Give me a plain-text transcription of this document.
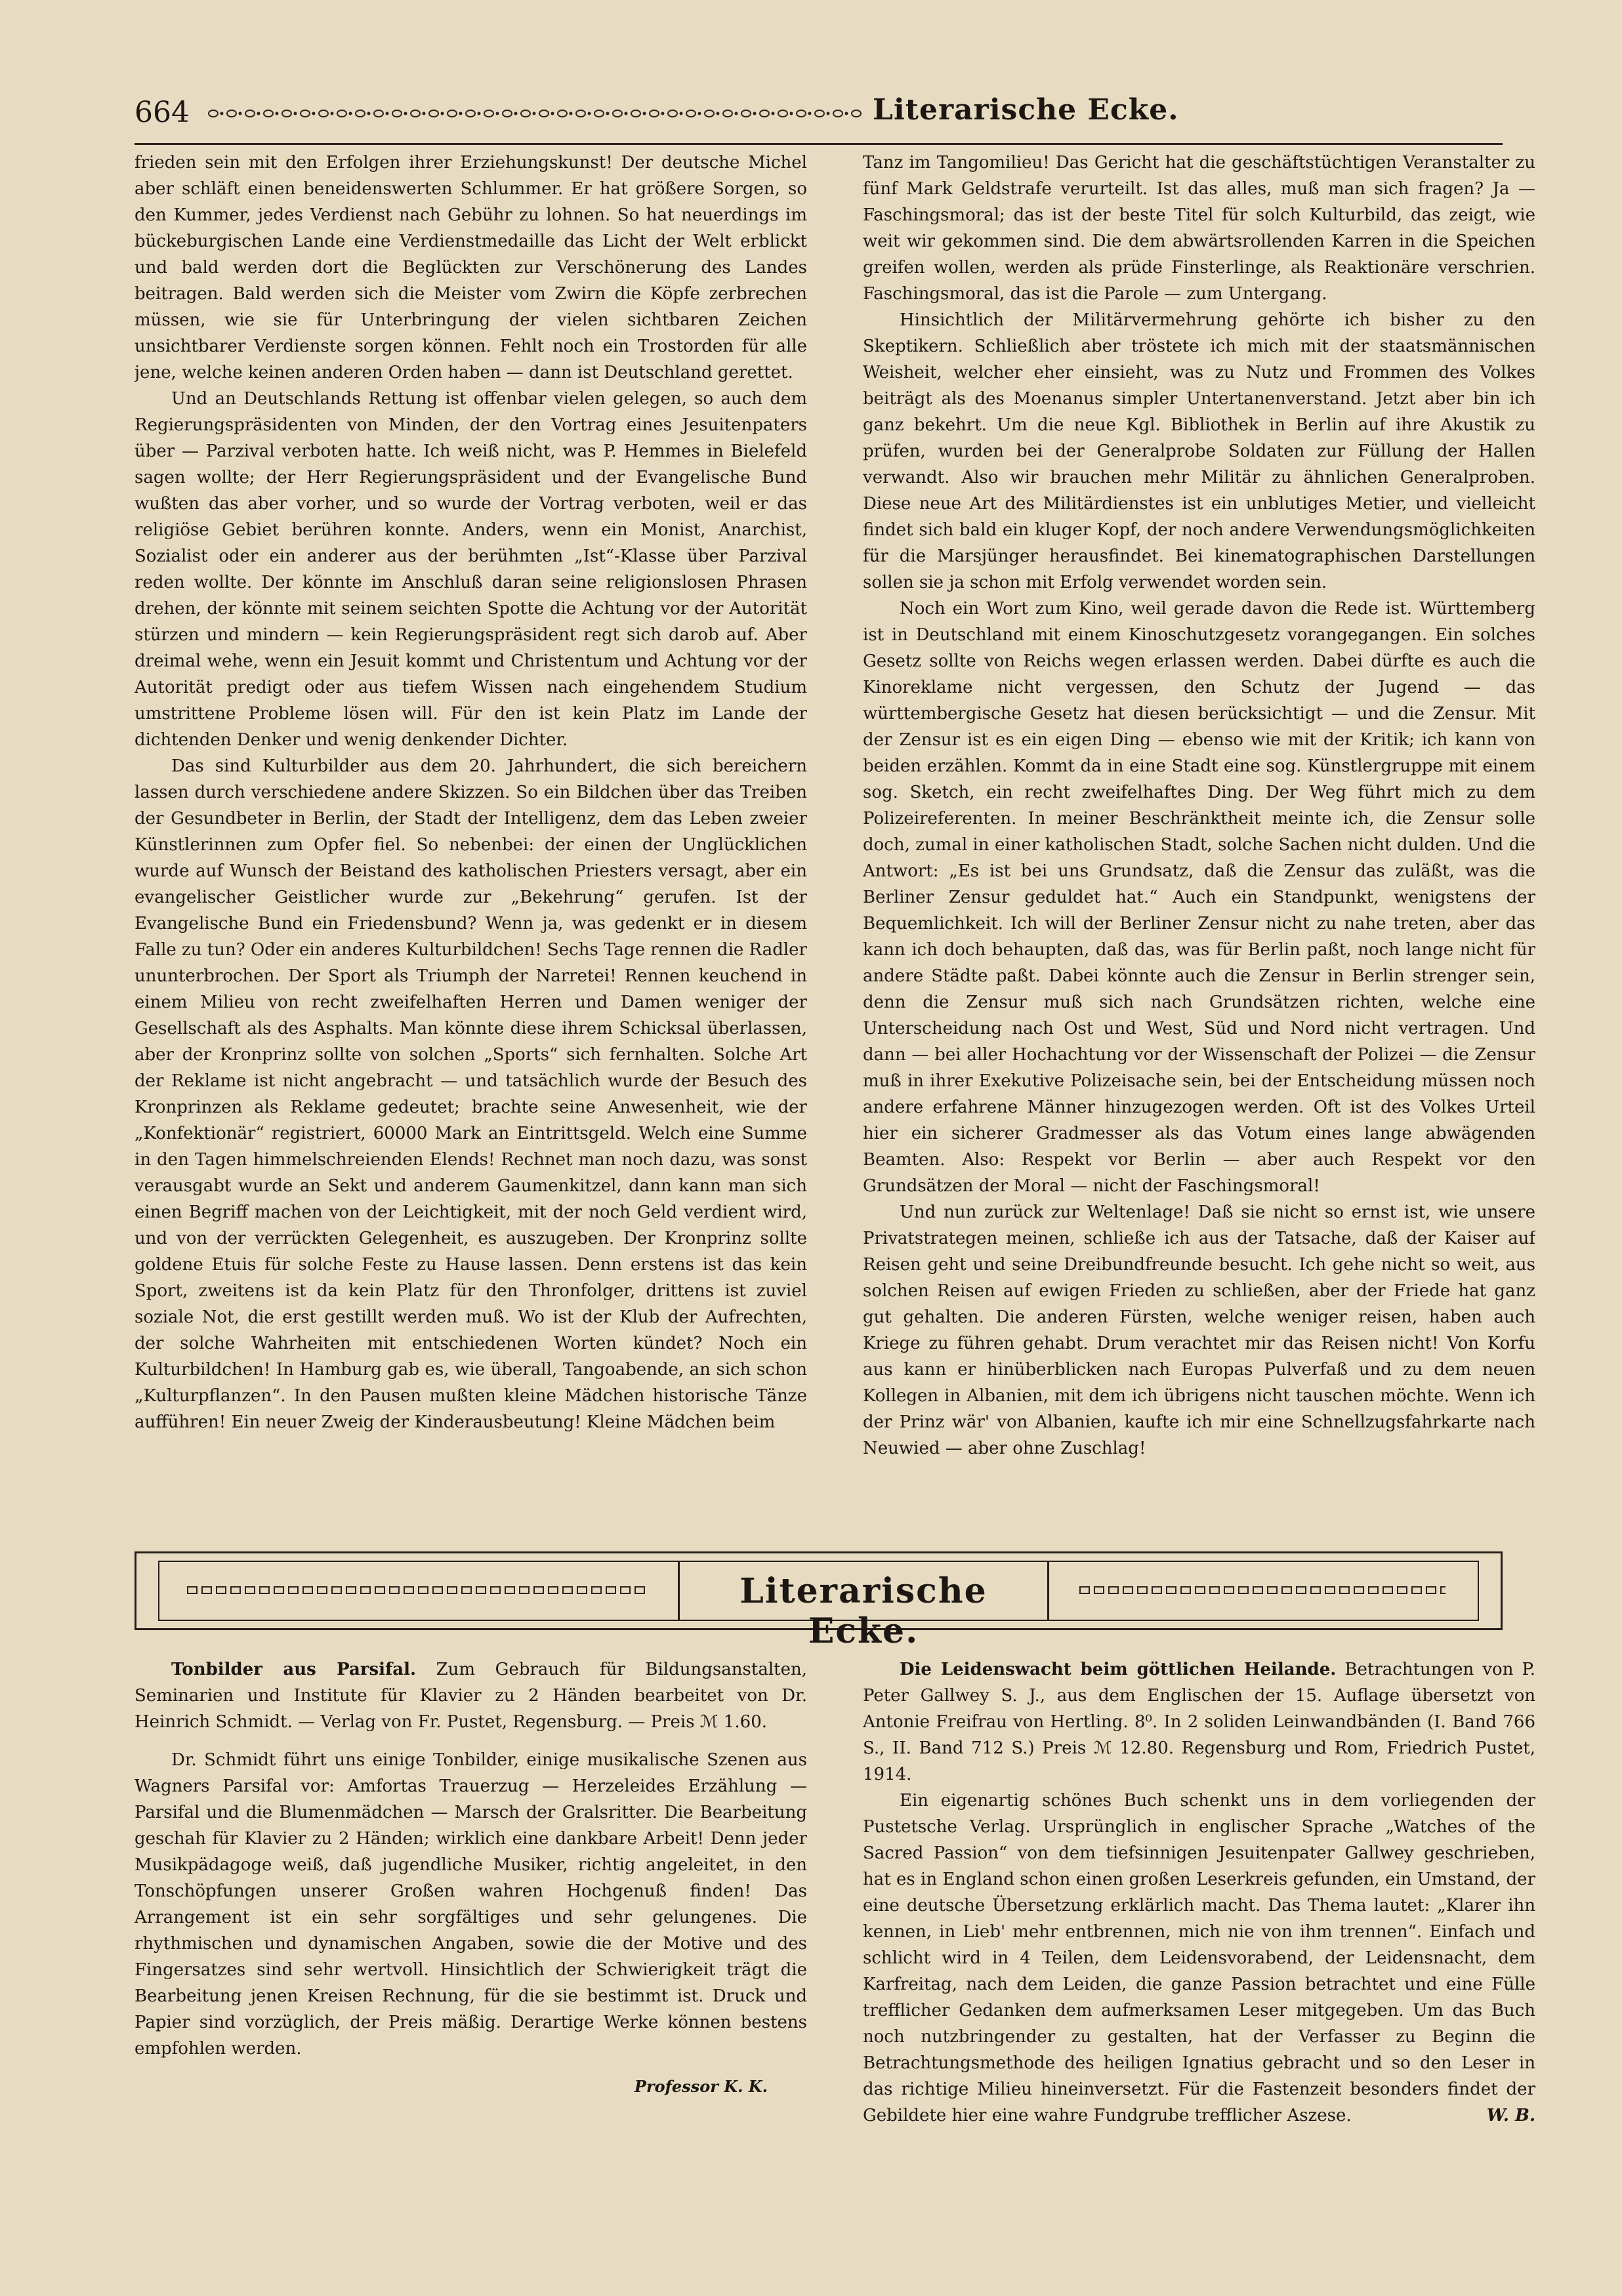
664	Literarische Ecke.

frieden sein mit den Erfolgen ihrer Erziehungskunst! Der deutsche Michel aber schläft einen beneidenswerten Schlummer. Er hat größere Sorgen, so den Kummer, jedes Verdienst nach Gebühr zu lohnen. So hat neuerdings im bückeburgischen Lande eine Verdienstmedaille das Licht der Welt erblickt und bald werden dort die Beglückten zur Verschönerung des Landes beitragen. Bald werden sich die Meister vom Zwirn die Köpfe zerbrechen müssen, wie sie für Unterbringung der vielen sichtbaren Zeichen unsichtbarer Verdienste sorgen können. Fehlt noch ein Trostorden für alle jene, welche keinen anderen Orden haben — dann ist Deutschland gerettet.

Und an Deutschlands Rettung ist offenbar vielen gelegen, so auch dem Regierungspräsidenten von Minden, der den Vortrag eines Jesuitenpaters über — Parzival verboten hatte. Ich weiß nicht, was P. Hemmes in Bielefeld sagen wollte; der Herr Regierungspräsident und der Evangelische Bund wußten das aber vorher, und so wurde der Vortrag verboten, weil er das religiöse Gebiet berühren konnte. Anders, wenn ein Monist, Anarchist, Sozialist oder ein anderer aus der berühmten „Ist“-Klasse über Parzival reden wollte. Der könnte im Anschluß daran seine religionslosen Phrasen drehen, der könnte mit seinem seichten Spotte die Achtung vor der Autorität stürzen und mindern — kein Regierungspräsident regt sich darob auf. Aber dreimal wehe, wenn ein Jesuit kommt und Christentum und Achtung vor der Autorität predigt oder aus tiefem Wissen nach eingehendem Studium umstrittene Probleme lösen will. Für den ist kein Platz im Lande der dichtenden Denker und wenig denkender Dichter.

Das sind Kulturbilder aus dem 20. Jahrhundert, die sich bereichern lassen durch verschiedene andere Skizzen. So ein Bildchen über das Treiben der Gesundbeter in Berlin, der Stadt der Intelligenz, dem das Leben zweier Künstlerinnen zum Opfer fiel. So nebenbei: der einen der Unglücklichen wurde auf Wunsch der Beistand des katholischen Priesters versagt, aber ein evangelischer Geistlicher wurde zur „Bekehrung“ gerufen. Ist der Evangelische Bund ein Friedensbund? Wenn ja, was gedenkt er in diesem Falle zu tun? Oder ein anderes Kulturbildchen! Sechs Tage rennen die Radler ununterbrochen. Der Sport als Triumph der Narretei! Rennen keuchend in einem Milieu von recht zweifelhaften Herren und Damen weniger der Gesellschaft als des Asphalts. Man könnte diese ihrem Schicksal überlassen, aber der Kronprinz sollte von solchen „Sports“ sich fernhalten. Solche Art der Reklame ist nicht angebracht — und tatsächlich wurde der Besuch des Kronprinzen als Reklame gedeutet; brachte seine Anwesenheit, wie der „Konfektionär“ registriert, 60000 Mark an Eintrittsgeld. Welch eine Summe in den Tagen himmelschreienden Elends! Rechnet man noch dazu, was sonst verausgabt wurde an Sekt und anderem Gaumenkitzel, dann kann man sich einen Begriff machen von der Leichtigkeit, mit der noch Geld verdient wird, und von der verrückten Gelegenheit, es auszugeben. Der Kronprinz sollte goldene Etuis für solche Feste zu Hause lassen. Denn erstens ist das kein Sport, zweitens ist da kein Platz für den Thronfolger, drittens ist zuviel soziale Not, die erst gestillt werden muß. Wo ist der Klub der Aufrechten, der solche Wahrheiten mit entschiedenen Worten kündet? Noch ein Kulturbildchen! In Hamburg gab es, wie überall, Tangoabende, an sich schon „Kulturpflanzen“. In den Pausen mußten kleine Mädchen historische Tänze aufführen! Ein neuer Zweig der Kinderausbeutung! Kleine Mädchen beim

Tanz im Tangomilieu! Das Gericht hat die geschäftstüchtigen Veranstalter zu fünf Mark Geldstrafe verurteilt. Ist das alles, muß man sich fragen? Ja — Faschingsmoral; das ist der beste Titel für solch Kulturbild, das zeigt, wie weit wir gekommen sind. Die dem abwärtsrollenden Karren in die Speichen greifen wollen, werden als prüde Finsterlinge, als Reaktionäre verschrien. Faschingsmoral, das ist die Parole — zum Untergang.

Hinsichtlich der Militärvermehrung gehörte ich bisher zu den Skeptikern. Schließlich aber tröstete ich mich mit der staatsmännischen Weisheit, welcher eher einsieht, was zu Nutz und Frommen des Volkes beiträgt als des Moenanus simpler Untertanenverstand. Jetzt aber bin ich ganz bekehrt. Um die neue Kgl. Bibliothek in Berlin auf ihre Akustik zu prüfen, wurden bei der Generalprobe Soldaten zur Füllung der Hallen verwandt. Also wir brauchen mehr Militär zu ähnlichen Generalproben. Diese neue Art des Militärdienstes ist ein unblutiges Metier, und vielleicht findet sich bald ein kluger Kopf, der noch andere Verwendungsmöglichkeiten für die Marsjünger herausfindet. Bei kinematographischen Darstellungen sollen sie ja schon mit Erfolg verwendet worden sein.

Noch ein Wort zum Kino, weil gerade davon die Rede ist. Württemberg ist in Deutschland mit einem Kinoschutzgesetz vorangegangen. Ein solches Gesetz sollte von Reichs wegen erlassen werden. Dabei dürfte es auch die Kinoreklame nicht vergessen, den Schutz der Jugend — das württembergische Gesetz hat diesen berücksichtigt — und die Zensur. Mit der Zensur ist es ein eigen Ding — ebenso wie mit der Kritik; ich kann von beiden erzählen. Kommt da in eine Stadt eine sog. Künstlergruppe mit einem sog. Sketch, ein recht zweifelhaftes Ding. Der Weg führt mich zu dem Polizeireferenten. In meiner Beschränktheit meinte ich, die Zensur solle doch, zumal in einer katholischen Stadt, solche Sachen nicht dulden. Und die Antwort: „Es ist bei uns Grundsatz, daß die Zensur das zuläßt, was die Berliner Zensur geduldet hat.“ Auch ein Standpunkt, wenigstens der Bequemlichkeit. Ich will der Berliner Zensur nicht zu nahe treten, aber das kann ich doch behaupten, daß das, was für Berlin paßt, noch lange nicht für andere Städte paßt. Dabei könnte auch die Zensur in Berlin strenger sein, denn die Zensur muß sich nach Grundsätzen richten, welche eine Unterscheidung nach Ost und West, Süd und Nord nicht vertragen. Und dann — bei aller Hochachtung vor der Wissenschaft der Polizei — die Zensur muß in ihrer Exekutive Polizeisache sein, bei der Entscheidung müssen noch andere erfahrene Männer hinzugezogen werden. Oft ist des Volkes Urteil hier ein sicherer Gradmesser als das Votum eines lange abwägenden Beamten. Also: Respekt vor Berlin — aber auch Respekt vor den Grundsätzen der Moral — nicht der Faschingsmoral!

Und nun zurück zur Weltenlage! Daß sie nicht so ernst ist, wie unsere Privatstrategen meinen, schließe ich aus der Tatsache, daß der Kaiser auf Reisen geht und seine Dreibundfreunde besucht. Ich gehe nicht so weit, aus solchen Reisen auf ewigen Frieden zu schließen, aber der Friede hat ganz gut gehalten. Die anderen Fürsten, welche weniger reisen, haben auch Kriege zu führen gehabt. Drum verachtet mir das Reisen nicht! Von Korfu aus kann er hinüberblicken nach Europas Pulverfaß und zu dem neuen Kollegen in Albanien, mit dem ich übrigens nicht tauschen möchte. Wenn ich der Prinz wär' von Albanien, kaufte ich mir eine Schnellzugsfahrkarte nach Neuwied — aber ohne Zuschlag!

Literarische Ecke.

Tonbilder aus Parsifal. Zum Gebrauch für Bildungsanstalten, Seminarien und Institute für Klavier zu 2 Händen bearbeitet von Dr. Heinrich Schmidt. — Verlag von Fr. Pustet, Regensburg. — Preis ℳ 1.60.

Dr. Schmidt führt uns einige Tonbilder, einige musikalische Szenen aus Wagners Parsifal vor: Amfortas Trauerzug — Herzeleides Erzählung — Parsifal und die Blumenmädchen — Marsch der Gralsritter. Die Bearbeitung geschah für Klavier zu 2 Händen; wirklich eine dankbare Arbeit! Denn jeder Musikpädagoge weiß, daß jugendliche Musiker, richtig angeleitet, in den Tonschöpfungen unserer Großen wahren Hochgenuß finden! Das Arrangement ist ein sehr sorgfältiges und sehr gelungenes. Die rhythmischen und dynamischen Angaben, sowie die der Motive und des Fingersatzes sind sehr wertvoll. Hinsichtlich der Schwierigkeit trägt die Bearbeitung jenen Kreisen Rechnung, für die sie bestimmt ist. Druck und Papier sind vorzüglich, der Preis mäßig. Derartige Werke können bestens empfohlen werden.

Professor K. K.

Die Leidenswacht beim göttlichen Heilande. Betrachtungen von P. Peter Gallwey S. J., aus dem Englischen der 15. Auflage übersetzt von Antonie Freifrau von Hertling. 8⁰. In 2 soliden Leinwandbänden (I. Band 766 S., II. Band 712 S.) Preis ℳ 12.80. Regensburg und Rom, Friedrich Pustet, 1914.

Ein eigenartig schönes Buch schenkt uns in dem vorliegenden der Pustetsche Verlag. Ursprünglich in englischer Sprache „Watches of the Sacred Passion“ von dem tiefsinnigen Jesuitenpater Gallwey geschrieben, hat es in England schon einen großen Leserkreis gefunden, ein Umstand, der eine deutsche Übersetzung erklärlich macht. Das Thema lautet: „Klarer ihn kennen, in Lieb' mehr entbrennen, mich nie von ihm trennen“. Einfach und schlicht wird in 4 Teilen, dem Leidensvorabend, der Leidensnacht, dem Karfreitag, nach dem Leiden, die ganze Passion betrachtet und eine Fülle trefflicher Gedanken dem aufmerksamen Leser mitgegeben. Um das Buch noch nutzbringender zu gestalten, hat der Verfasser zu Beginn die Betrachtungsmethode des heiligen Ignatius gebracht und so den Leser in das richtige Milieu hineinversetzt. Für die Fastenzeit besonders findet der Gebildete hier eine wahre Fundgrube trefflicher Aszese.	W. B.
